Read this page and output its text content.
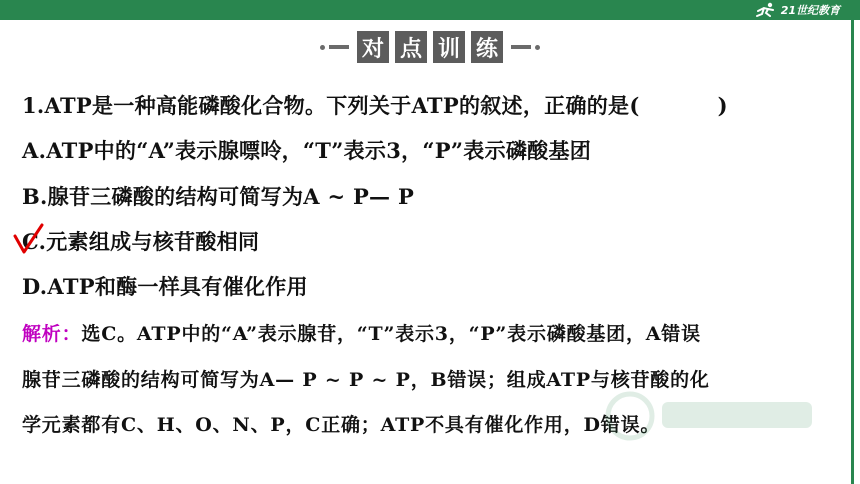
21世纪教育
对 点 训 练
1.ATP是一种高能磷酸化合物。下列关于ATP的叙述，正确的是(	)
A.ATP中的“A”表示腺嘌呤，“T”表示3，“P”表示磷酸基团
B.腺苷三磷酸的结构可简写为A ~ P— P
C.元素组成与核苷酸相同
D.ATP和酶一样具有催化作用
解析：选C。ATP中的“A”表示腺苷，“T”表示3，“P”表示磷酸基团，A错误
腺苷三磷酸的结构可简写为A— P ~ P ~ P，B错误；组成ATP与核苷酸的化
学元素都有C、H、O、N、P，C正确；ATP不具有催化作用，D错误。
